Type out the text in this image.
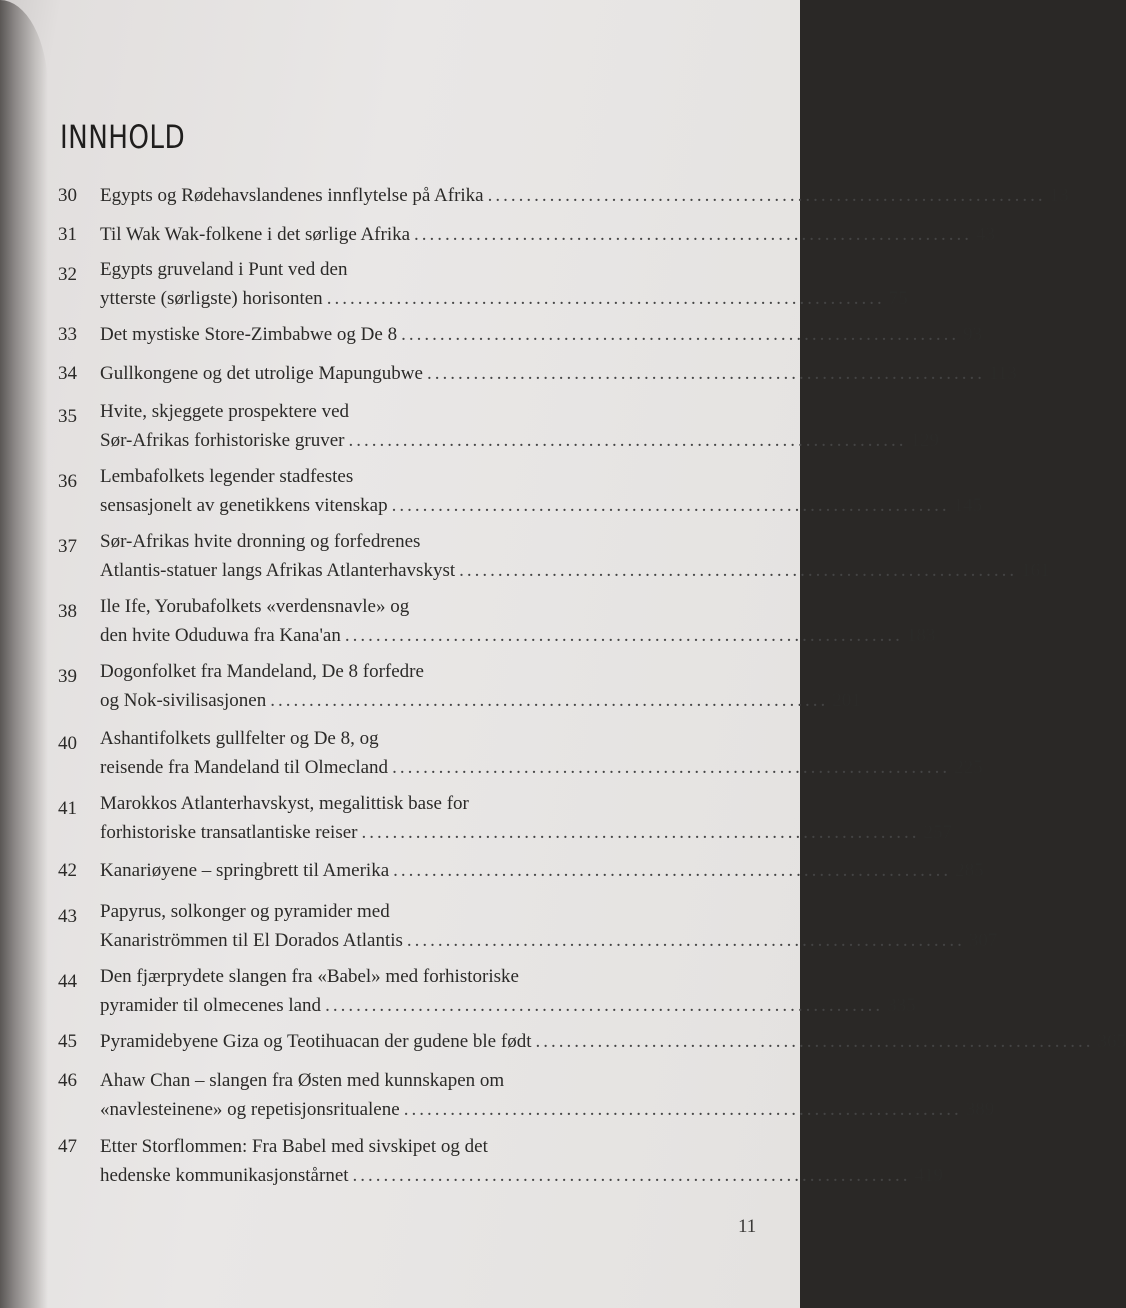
INNHOLD
30	Egypts og Rødehavslandenes innflytelse på Afrika ........................................................................ 13
31	Til Wak Wak-folkene i det sørlige Afrika ........................................................................ 43
32	Egypts gruveland i Punt ved den
ytterste (sørligste) horisonten ........................................................................ 75
33	Det mystiske Store-Zimbabwe og De 8 ........................................................................ 93
34	Gullkongene og det utrolige Mapungubwe ........................................................................ 113
35	Hvite, skjeggete prospektere ved
Sør-Afrikas forhistoriske gruver ........................................................................ 129
36	Lembafolkets legender stadfestes
sensasjonelt av genetikkens vitenskap ........................................................................ 145
37	Sør-Afrikas hvite dronning og forfedrenes
Atlantis-statuer langs Afrikas Atlanterhavskyst ........................................................................ 161
38	Ile Ife, Yorubafolkets «verdensnavle» og
den hvite Oduduwa fra Kana'an ........................................................................ 183
39	Dogonfolket fra Mandeland, De 8 forfedre
og Nok-sivilisasjonen ........................................................................ 201
40	Ashantifolkets gullfelter og De 8, og
reisende fra Mandeland til Olmecland ........................................................................ 225
41	Marokkos Atlanterhavskyst, megalittisk base for
forhistoriske transatlantiske reiser ........................................................................ 257
42	Kanariøyene – springbrett til Amerika ........................................................................ 285
43	Papyrus, solkonger og pyramider med
Kanariströmmen til El Dorados Atlantis ........................................................................ 307
44	Den fjærprydete slangen fra «Babel» med forhistoriske
pyramider til olmecenes land ........................................................................ 335
45	Pyramidebyene Giza og Teotihuacan der gudene ble født ........................................................................ 365
46	Ahaw Chan – slangen fra Østen med kunnskapen om
«navlesteinene» og repetisjonsritualene ........................................................................ 389
47	Etter Storflommen: Fra Babel med sivskipet og det
hedenske kommunikasjonstårnet ........................................................................ 419
11
